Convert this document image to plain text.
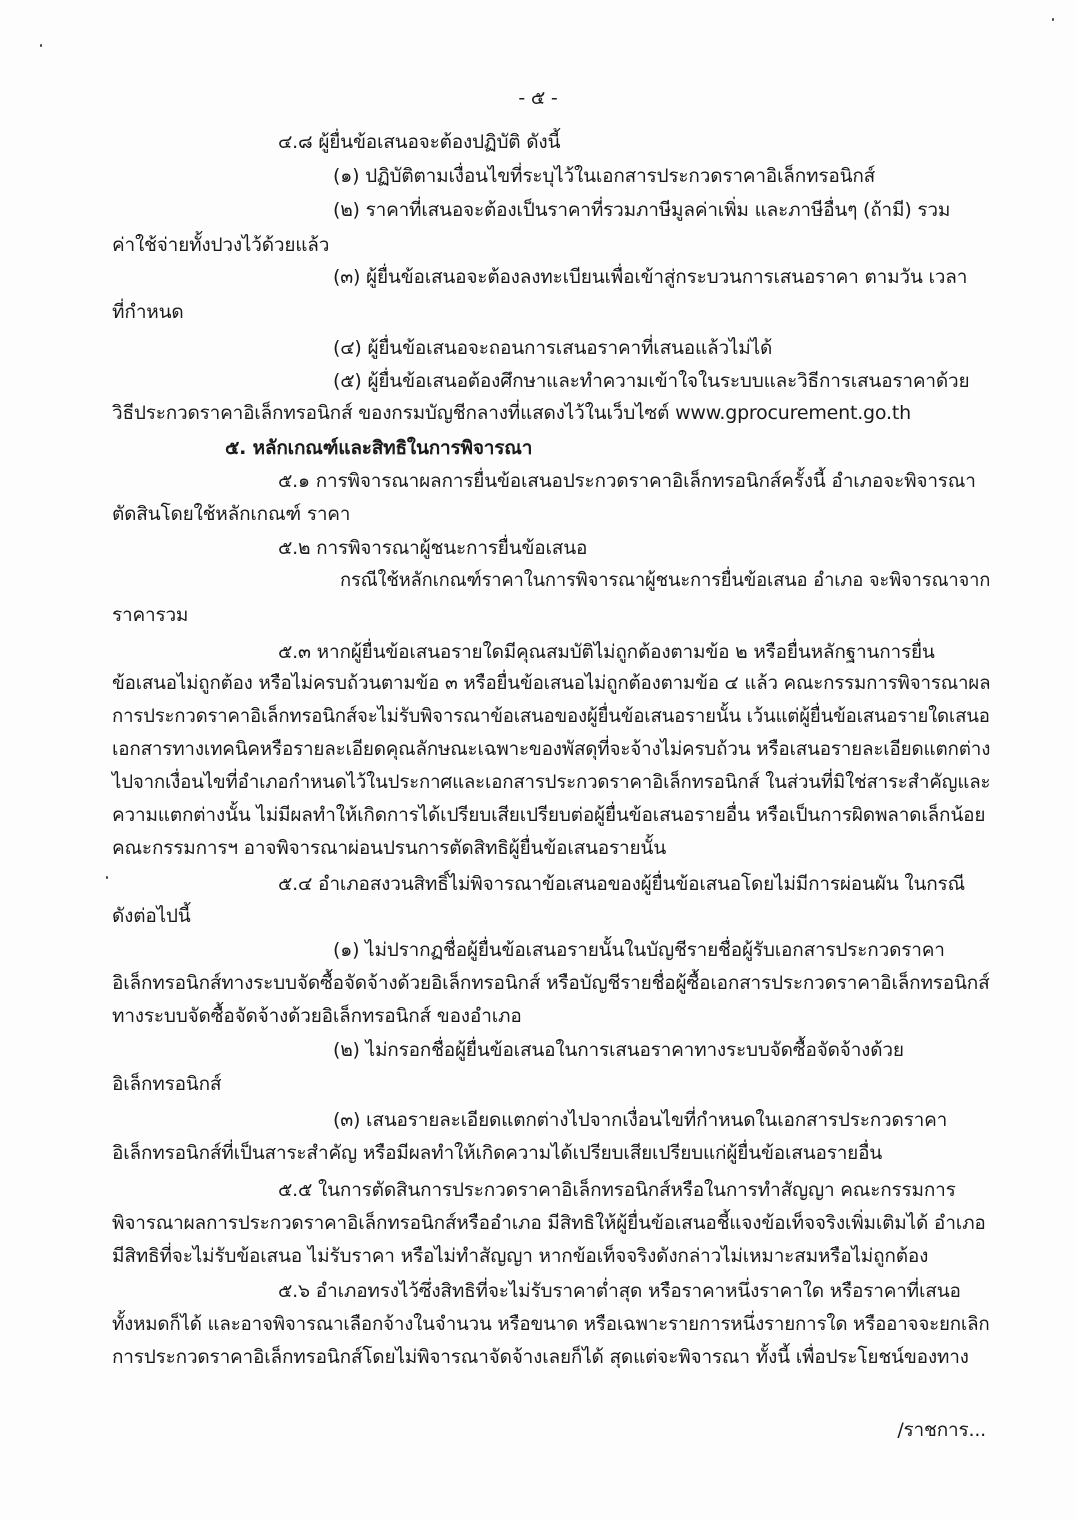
- ๕ -
๔.๘ ผู้ยื่นข้อเสนอจะต้องปฏิบัติ ดังนี้
(๑) ปฏิบัติตามเงื่อนไขที่ระบุไว้ในเอกสารประกวดราคาอิเล็กทรอนิกส์
(๒) ราคาที่เสนอจะต้องเป็นราคาที่รวมภาษีมูลค่าเพิ่ม และภาษีอื่นๆ (ถ้ามี) รวม
ค่าใช้จ่ายทั้งปวงไว้ด้วยแล้ว
(๓) ผู้ยื่นข้อเสนอจะต้องลงทะเบียนเพื่อเข้าสู่กระบวนการเสนอราคา ตามวัน เวลา
ที่กำหนด
(๔) ผู้ยื่นข้อเสนอจะถอนการเสนอราคาที่เสนอแล้วไม่ได้
(๕) ผู้ยื่นข้อเสนอต้องศึกษาและทำความเข้าใจในระบบและวิธีการเสนอราคาด้วย
วิธีประกวดราคาอิเล็กทรอนิกส์ ของกรมบัญชีกลางที่แสดงไว้ในเว็บไซต์ www.gprocurement.go.th
๕. หลักเกณฑ์และสิทธิในการพิจารณา
๕.๑ การพิจารณาผลการยื่นข้อเสนอประกวดราคาอิเล็กทรอนิกส์ครั้งนี้ อำเภอจะพิจารณา
ตัดสินโดยใช้หลักเกณฑ์ ราคา
๕.๒ การพิจารณาผู้ชนะการยื่นข้อเสนอ
กรณีใช้หลักเกณฑ์ราคาในการพิจารณาผู้ชนะการยื่นข้อเสนอ อำเภอ จะพิจารณาจาก
ราคารวม
๕.๓ หากผู้ยื่นข้อเสนอรายใดมีคุณสมบัติไม่ถูกต้องตามข้อ ๒ หรือยื่นหลักฐานการยื่น
ข้อเสนอไม่ถูกต้อง หรือไม่ครบถ้วนตามข้อ ๓ หรือยื่นข้อเสนอไม่ถูกต้องตามข้อ ๔ แล้ว คณะกรรมการพิจารณาผล
การประกวดราคาอิเล็กทรอนิกส์จะไม่รับพิจารณาข้อเสนอของผู้ยื่นข้อเสนอรายนั้น เว้นแต่ผู้ยื่นข้อเสนอรายใดเสนอ
เอกสารทางเทคนิคหรือรายละเอียดคุณลักษณะเฉพาะของพัสดุที่จะจ้างไม่ครบถ้วน หรือเสนอรายละเอียดแตกต่าง
ไปจากเงื่อนไขที่อำเภอกำหนดไว้ในประกาศและเอกสารประกวดราคาอิเล็กทรอนิกส์ ในส่วนที่มิใช่สาระสำคัญและ
ความแตกต่างนั้น ไม่มีผลทำให้เกิดการได้เปรียบเสียเปรียบต่อผู้ยื่นข้อเสนอรายอื่น หรือเป็นการผิดพลาดเล็กน้อย
คณะกรรมการฯ อาจพิจารณาผ่อนปรนการตัดสิทธิผู้ยื่นข้อเสนอรายนั้น
๕.๔ อำเภอสงวนสิทธิ์ไม่พิจารณาข้อเสนอของผู้ยื่นข้อเสนอโดยไม่มีการผ่อนผัน ในกรณี
ดังต่อไปนี้
(๑) ไม่ปรากฏชื่อผู้ยื่นข้อเสนอรายนั้นในบัญชีรายชื่อผู้รับเอกสารประกวดราคา
อิเล็กทรอนิกส์ทางระบบจัดซื้อจัดจ้างด้วยอิเล็กทรอนิกส์ หรือบัญชีรายชื่อผู้ซื้อเอกสารประกวดราคาอิเล็กทรอนิกส์
ทางระบบจัดซื้อจัดจ้างด้วยอิเล็กทรอนิกส์ ของอำเภอ
(๒) ไม่กรอกชื่อผู้ยื่นข้อเสนอในการเสนอราคาทางระบบจัดซื้อจัดจ้างด้วย
อิเล็กทรอนิกส์
(๓) เสนอรายละเอียดแตกต่างไปจากเงื่อนไขที่กำหนดในเอกสารประกวดราคา
อิเล็กทรอนิกส์ที่เป็นสาระสำคัญ หรือมีผลทำให้เกิดความได้เปรียบเสียเปรียบแก่ผู้ยื่นข้อเสนอรายอื่น
๕.๕ ในการตัดสินการประกวดราคาอิเล็กทรอนิกส์หรือในการทำสัญญา คณะกรรมการ
พิจารณาผลการประกวดราคาอิเล็กทรอนิกส์หรืออำเภอ มีสิทธิให้ผู้ยื่นข้อเสนอชี้แจงข้อเท็จจริงเพิ่มเติมได้ อำเภอ
มีสิทธิที่จะไม่รับข้อเสนอ ไม่รับราคา หรือไม่ทำสัญญา หากข้อเท็จจริงดังกล่าวไม่เหมาะสมหรือไม่ถูกต้อง
๕.๖ อำเภอทรงไว้ซึ่งสิทธิที่จะไม่รับราคาต่ำสุด หรือราคาหนึ่งราคาใด หรือราคาที่เสนอ
ทั้งหมดก็ได้ และอาจพิจารณาเลือกจ้างในจำนวน หรือขนาด หรือเฉพาะรายการหนึ่งรายการใด หรืออาจจะยกเลิก
การประกวดราคาอิเล็กทรอนิกส์โดยไม่พิจารณาจัดจ้างเลยก็ได้ สุดแต่จะพิจารณา ทั้งนี้ เพื่อประโยชน์ของทาง
/ราชการ...
